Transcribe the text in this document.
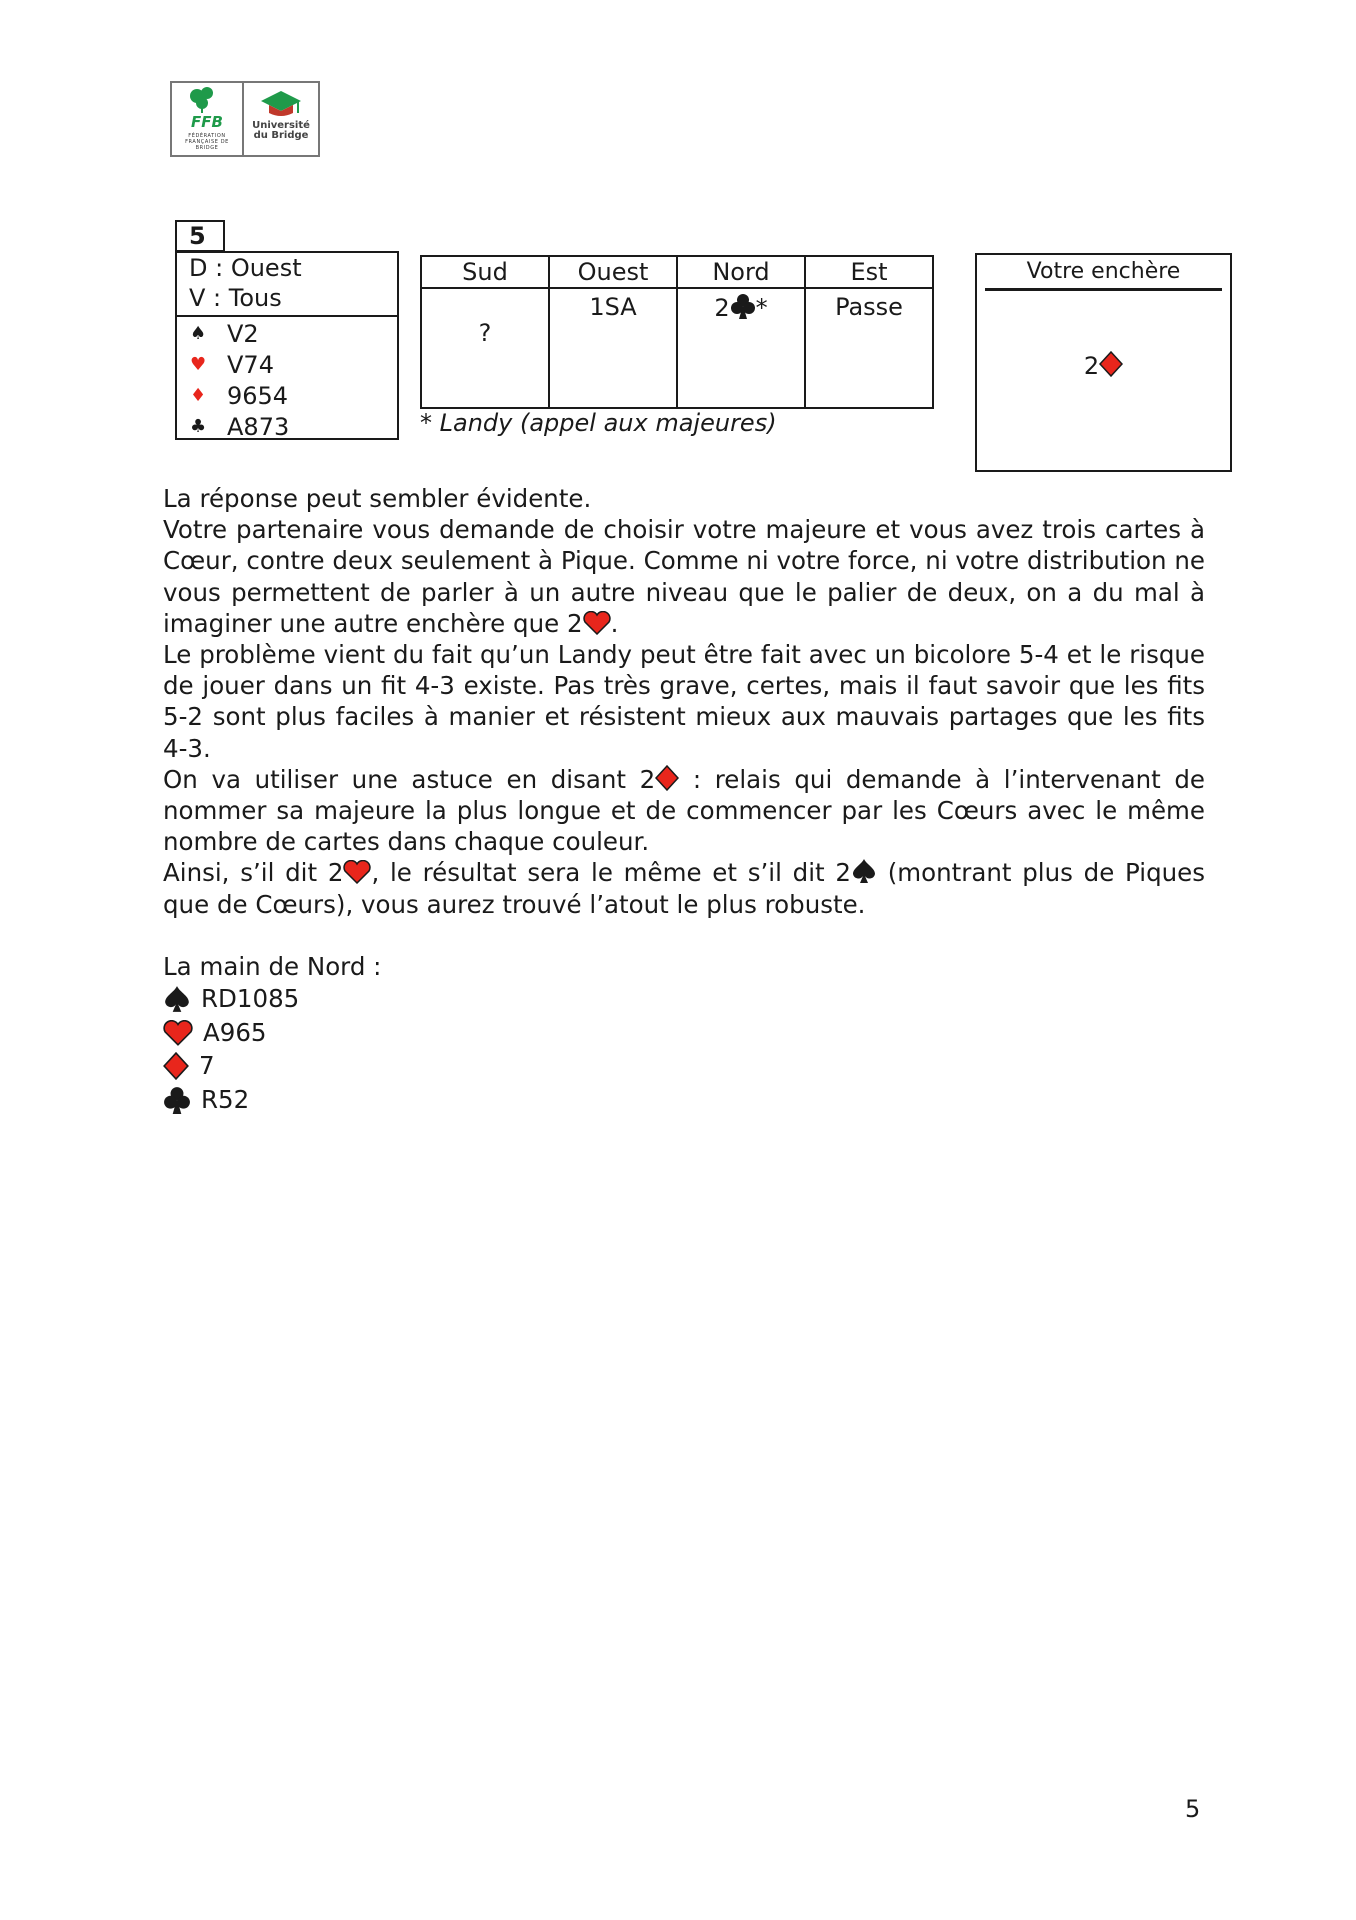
FFB
FÉDÉRATION FRANÇAISE DE BRIDGE
Université du Bridge
5
D : Ouest
V : Tous
♠ V2
♥ V74
♦ 9654
♣ A873
Sud	Ouest	Nord	Est

?	1SA	2 *	Passe
* Landy (appel aux majeures)
Votre enchère
2

La réponse peut sembler évidente.

Votre partenaire vous demande de choisir votre majeure et vous avez trois cartes à Cœur, contre deux seulement à Pique. Comme ni votre force, ni votre distribution ne vous permettent de parler à un autre niveau que le palier de deux, on a du mal à imaginer une autre enchère que 2 .

Le problème vient du fait qu’un Landy peut être fait avec un bicolore 5-4 et le risque de jouer dans un fit 4-3 existe. Pas très grave, certes, mais il faut savoir que les fits 5-2 sont plus faciles à manier et résistent mieux aux mauvais partages que les fits 4-3.

On va utiliser une astuce en disant 2 : relais qui demande à l’intervenant de nommer sa majeure la plus longue et de commencer par les Cœurs avec le même nombre de cartes dans chaque couleur.

Ainsi, s’il dit 2 , le résultat sera le même et s’il dit 2 (montrant plus de Piques que de Cœurs), vous aurez trouvé l’atout le plus robuste.

La main de Nord :
RD1085
A965
7
R52
5
